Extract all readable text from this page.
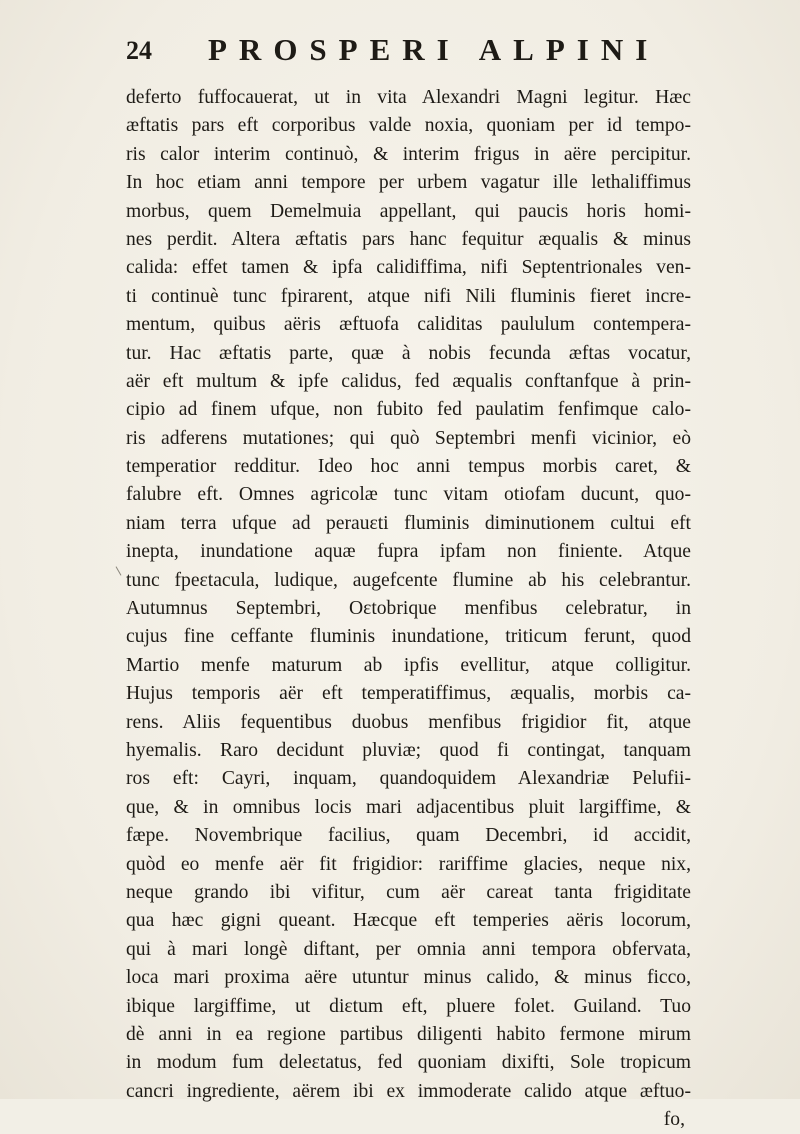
24 PROSPERI ALPINI
deferto fuffocauerat, ut in vita Alexandri Magni legitur. Hæc
æftatis pars eft corporibus valde noxia, quoniam per id tempo-
ris calor interim continuò, & interim frigus in aëre percipitur.
In hoc etiam anni tempore per urbem vagatur ille lethaliffimus
morbus, quem Demelmuia appellant, qui paucis horis homi-
nes perdit. Altera æftatis pars hanc fequitur æqualis & minus
calida: effet tamen & ipfa calidiffima, nifi Septentrionales ven-
ti continuè tunc fpirarent, atque nifi Nili fluminis fieret incre-
mentum, quibus aëris æftuofa caliditas paululum contempera-
tur. Hac æftatis parte, quæ à nobis fecunda æftas vocatur,
aër eft multum & ipfe calidus, fed æqualis conftanfque à prin-
cipio ad finem ufque, non fubito fed paulatim fenfimque calo-
ris adferens mutationes; qui quò Septembri menfi vicinior, eò
temperatior redditur. Ideo hoc anni tempus morbis caret, &
falubre eft. Omnes agricolæ tunc vitam otiofam ducunt, quo-
niam terra ufque ad perauεti fluminis diminutionem cultui eft
inepta, inundatione aquæ fupra ipfam non finiente. Atque
tunc fpeεtacula, ludique, augefcente flumine ab his celebrantur.
Autumnus Septembri, Oεtobrique menfibus celebratur, in
cujus fine ceffante fluminis inundatione, triticum ferunt, quod
Martio menfe maturum ab ipfis evellitur, atque colligitur.
Hujus temporis aër eft temperatiffimus, æqualis, morbis ca-
rens. Aliis fequentibus duobus menfibus frigidior fit, atque
hyemalis. Raro decidunt pluviæ; quod fi contingat, tanquam
ros eft: Cayri, inquam, quandoquidem Alexandriæ Pelufii-
que, & in omnibus locis mari adjacentibus pluit largiffime, &
fæpe. Novembrique facilius, quam Decembri, id accidit,
quòd eo menfe aër fit frigidior: rariffime glacies, neque nix,
neque grando ibi vifitur, cum aër careat tanta frigiditate
qua hæc gigni queant. Hæcque eft temperies aëris locorum,
qui à mari longè diftant, per omnia anni tempora obfervata,
loca mari proxima aëre utuntur minus calido, & minus ficco,
ibique largiffime, ut diεtum eft, pluere folet. Guiland. Tuo
dè anni in ea regione partibus diligenti habito fermone mirum
in modum fum deleεtatus, fed quoniam dixifti, Sole tropicum
cancri ingrediente, aërem ibi ex immoderate calido atque æftuo-
fo,
